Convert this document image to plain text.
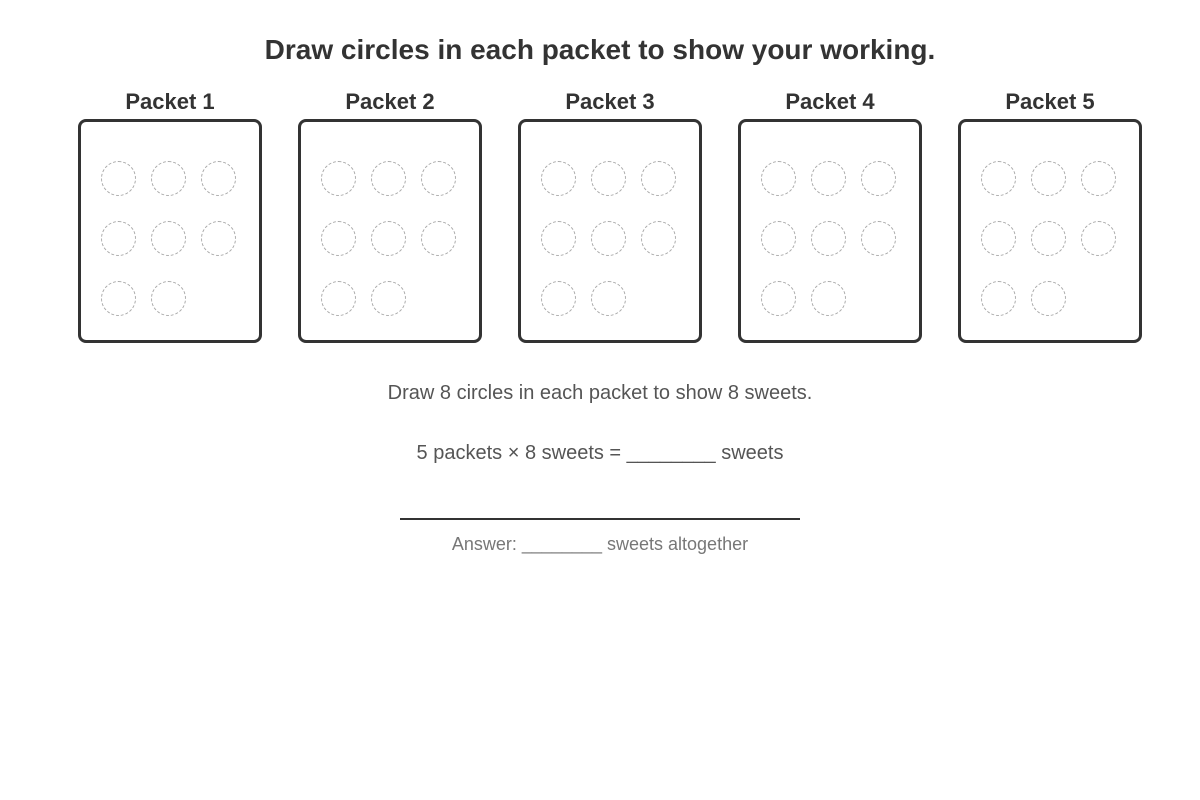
Draw circles in each packet to show your working.
Packet 1	Packet 2	Packet 3	Packet 4	Packet 5
Draw 8 circles in each packet to show 8 sweets.
5 packets × 8 sweets = ________ sweets
Answer: ________ sweets altogether
